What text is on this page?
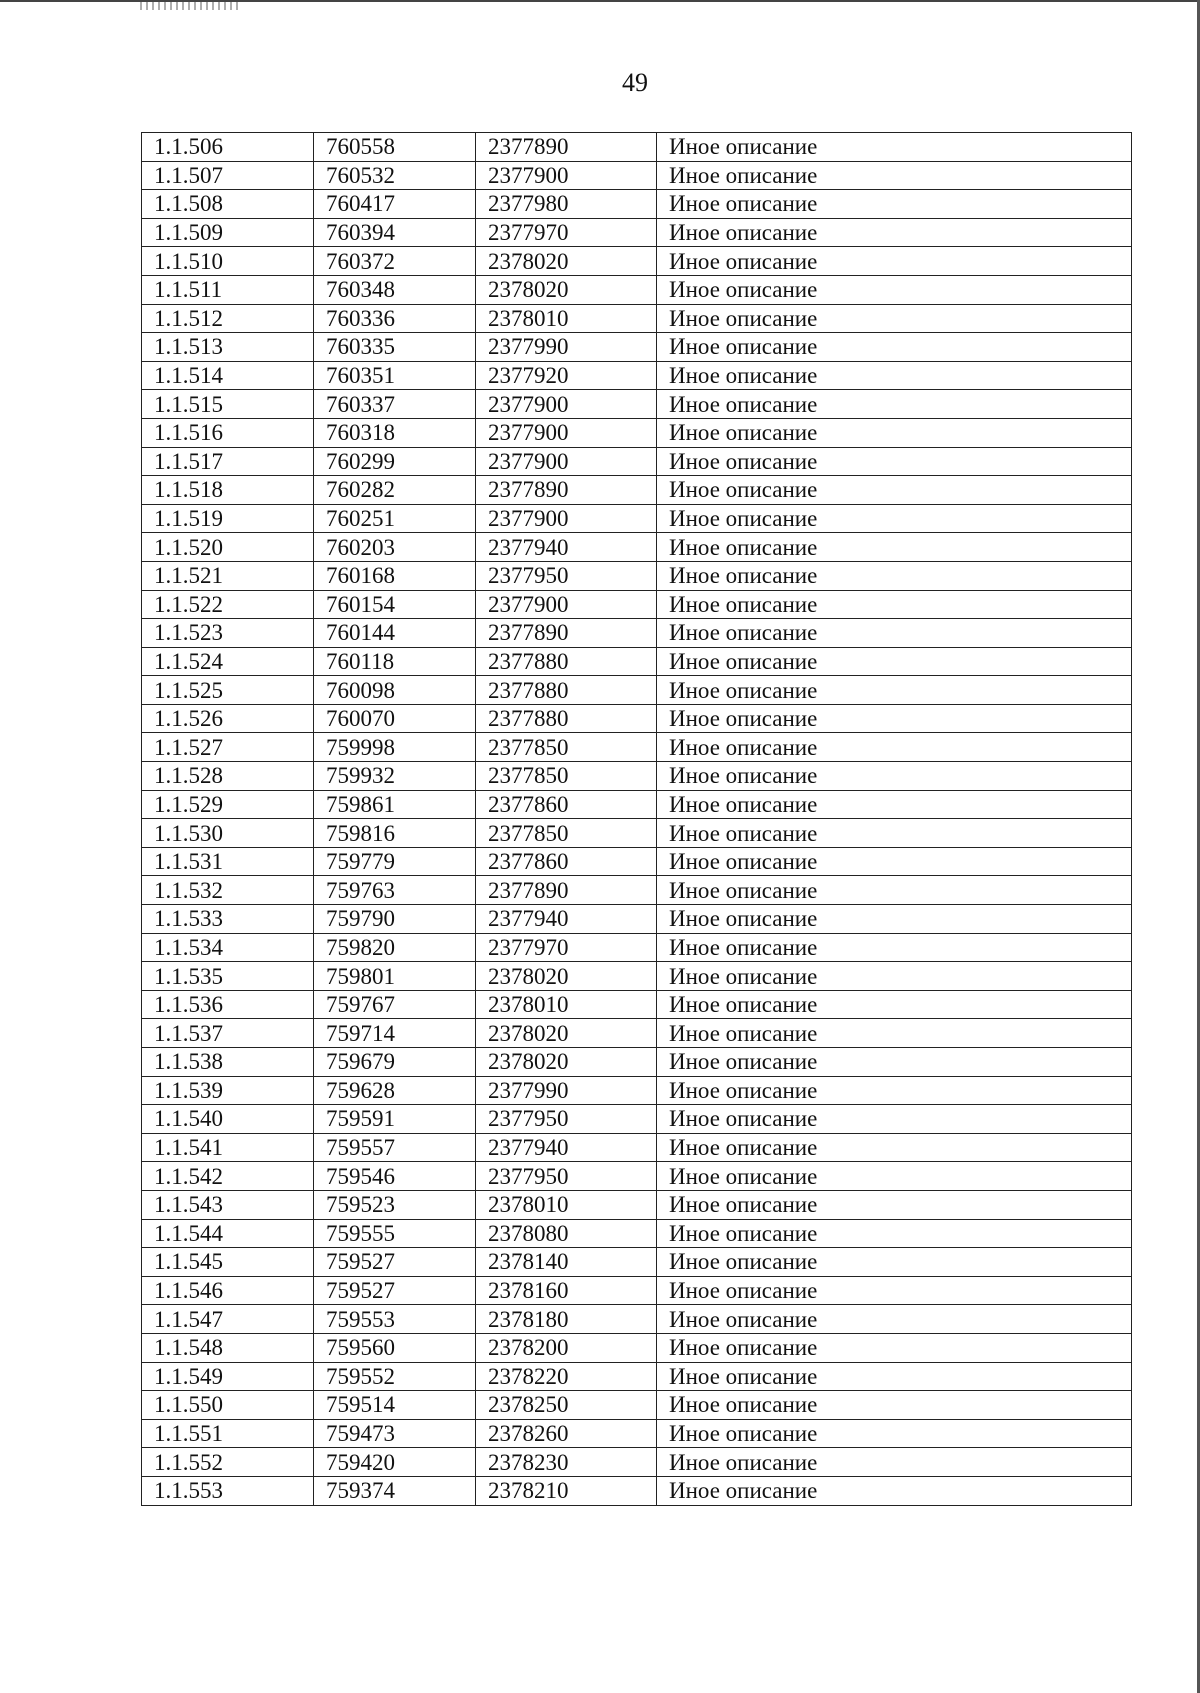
49
1.1.506	760558	2377890	Иное описание
1.1.507	760532	2377900	Иное описание
1.1.508	760417	2377980	Иное описание
1.1.509	760394	2377970	Иное описание
1.1.510	760372	2378020	Иное описание
1.1.511	760348	2378020	Иное описание
1.1.512	760336	2378010	Иное описание
1.1.513	760335	2377990	Иное описание
1.1.514	760351	2377920	Иное описание
1.1.515	760337	2377900	Иное описание
1.1.516	760318	2377900	Иное описание
1.1.517	760299	2377900	Иное описание
1.1.518	760282	2377890	Иное описание
1.1.519	760251	2377900	Иное описание
1.1.520	760203	2377940	Иное описание
1.1.521	760168	2377950	Иное описание
1.1.522	760154	2377900	Иное описание
1.1.523	760144	2377890	Иное описание
1.1.524	760118	2377880	Иное описание
1.1.525	760098	2377880	Иное описание
1.1.526	760070	2377880	Иное описание
1.1.527	759998	2377850	Иное описание
1.1.528	759932	2377850	Иное описание
1.1.529	759861	2377860	Иное описание
1.1.530	759816	2377850	Иное описание
1.1.531	759779	2377860	Иное описание
1.1.532	759763	2377890	Иное описание
1.1.533	759790	2377940	Иное описание
1.1.534	759820	2377970	Иное описание
1.1.535	759801	2378020	Иное описание
1.1.536	759767	2378010	Иное описание
1.1.537	759714	2378020	Иное описание
1.1.538	759679	2378020	Иное описание
1.1.539	759628	2377990	Иное описание
1.1.540	759591	2377950	Иное описание
1.1.541	759557	2377940	Иное описание
1.1.542	759546	2377950	Иное описание
1.1.543	759523	2378010	Иное описание
1.1.544	759555	2378080	Иное описание
1.1.545	759527	2378140	Иное описание
1.1.546	759527	2378160	Иное описание
1.1.547	759553	2378180	Иное описание
1.1.548	759560	2378200	Иное описание
1.1.549	759552	2378220	Иное описание
1.1.550	759514	2378250	Иное описание
1.1.551	759473	2378260	Иное описание
1.1.552	759420	2378230	Иное описание
1.1.553	759374	2378210	Иное описание
